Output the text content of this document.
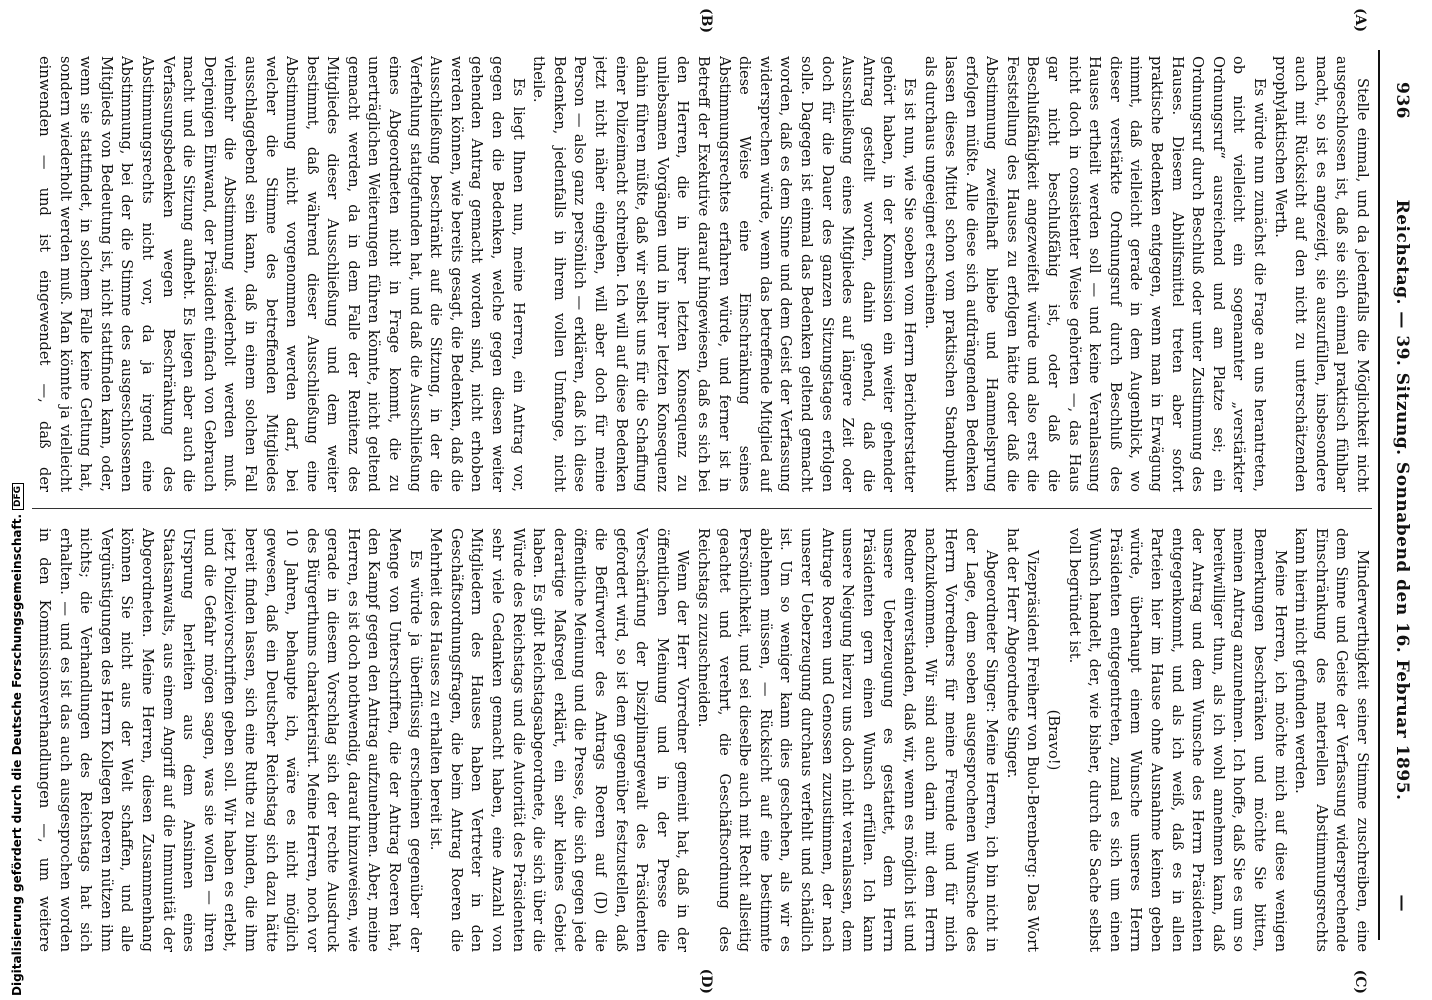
936
Reichstag. — 39. Sitzung. Sonnabend den 16. Februar 1895.
—
(A)
(B)
(C)
(D)

Stelle einmal, und da jedenfalls die Möglichkeit nicht ausgeschlossen ist, daß sie sich einmal praktisch fühlbar macht, so ist es angezeigt, sie auszufüllen, insbesondere auch mit Rücksicht auf den nicht zu unterschätzenden prophylaktischen Werth.

Es würde nun zunächst die Frage an uns herantreten, ob nicht vielleicht ein sogenannter „verstärkter Ordnungsruf“ ausreichend und am Platze sei; ein Ordnungsruf durch Beschluß oder unter Zustimmung des Hauses. Diesem Abhilfsmittel treten aber sofort praktische Bedenken entgegen, wenn man in Erwägung nimmt, daß vielleicht gerade in dem Augenblick, wo dieser verstärkte Ordnungsruf durch Beschluß des Hauses ertheilt werden soll — und keine Veranlassung nicht doch in consistenter Weise gehörten —, das Haus gar nicht beschlußfähig ist, oder daß die Beschlußfähigkeit angezweifelt würde und also erst die Feststellung des Hauses zu erfolgen hätte oder daß die Abstimmung zweifelhaft bliebe und Hammelsprung erfolgen müßte. Alle diese sich aufdrängenden Bedenken lassen dieses Mittel schon vom praktischen Standpunkt als durchaus ungeeignet erscheinen.

Es ist nun, wie Sie soeben vom Herrn Berichterstatter gehört haben, in der Kommission ein weiter gehender Antrag gestellt worden, dahin gehend, daß die Ausschließung eines Mitgliedes auf längere Zeit oder doch für die Dauer des ganzen Sitzungstages erfolgen solle. Dagegen ist einmal das Bedenken geltend gemacht worden, daß es dem Sinne und dem Geist der Verfassung widersprechen würde, wenn das betreffende Mitglied auf diese Weise eine Einschränkung seines Abstimmungsrechtes erfahren würde, und ferner ist in Betreff der Exekutive darauf hingewiesen, daß es sich bei den Herren, die in ihrer letzten Konsequenz zu unliebsamen Vorgängen und in ihrer letzten Konsequenz dahin führen müßte, daß wir selbst uns für die Schaffung einer Polizeimacht schreiben. Ich will auf diese Bedenken jetzt nicht näher eingehen, will aber doch für meine Person — also ganz persönlich — erklären, daß ich diese Bedenken, jedenfalls in ihrem vollen Umfange, nicht theile.

Es liegt Ihnen nun, meine Herren, ein Antrag vor, gegen den die Bedenken, welche gegen diesen weiter gehenden Antrag gemacht worden sind, nicht erhoben werden können, wie bereits gesagt, die Bedenken, daß die Ausschließung beschränkt auf die Sitzung, in der die Verfehlung stattgefunden hat, und daß die Ausschließung eines Abgeordneten nicht in Frage kommt, die zu unerträglichen Weiterungen führen könnte, nicht geltend gemacht werden, da in dem Falle der Renitenz des Mitgliedes dieser Ausschließung und dem weiter bestimmt, daß während dieser Ausschließung eine Abstimmung nicht vorgenommen werden darf, bei welcher die Stimme des betreffenden Mitgliedes ausschlaggebend sein kann, daß in einem solchen Fall vielmehr die Abstimmung wiederholt werden muß. Derjenigen Einwand, der Präsident einfach von Gebrauch macht und die Sitzung aufhebt. Es liegen aber auch die Verfassungsbedenken wegen Beschränkung des Abstimmungsrechts nicht vor, da ja irgend eine Abstimmung, bei der die Stimme des ausgeschlossenen Mitglieds von Bedeutung ist, nicht stattfinden kann, oder, wenn sie stattfindet, in solchem Falle keine Geltung hat, sondern wiederholt werden muß. Man könnte ja vielleicht einwenden — und ist eingewendet —, daß der

Minderwerthigkeit seiner Stimme zuschreiben, eine dem Sinne und Geiste der Verfassung widersprechende Einschränkung des materiellen Abstimmungsrechts kann hierin nicht gefunden werden.

Meine Herren, ich möchte mich auf diese wenigen Bemerkungen beschränken und möchte Sie bitten, meinen Antrag anzunehmen. Ich hoffe, daß Sie es um so bereitwilliger thun, als ich wohl annehmen kann, daß der Antrag und dem Wunsche des Herrn Präsidenten entgegenkommt, und als ich weiß, daß es in allen Parteien hier im Hause ohne Ausnahme keinen geben würde, überhaupt einem Wunsche unseres Herrn Präsidenten entgegentreten, zumal es sich um einen Wunsch handelt, der, wie bisher, durch die Sache selbst voll begründet ist.

(Bravo!)

Vizepräsident Freiherr von Buol-Berenberg: Das Wort hat der Herr Abgeordnete Singer.

Abgeordneter Singer: Meine Herren, ich bin nicht in der Lage, dem soeben ausgesprochenen Wunsche des Herrn Vorredners für meine Freunde und für mich nachzukommen. Wir sind auch darin mit dem Herrn Redner einverstanden, daß wir, wenn es möglich ist und unsere Ueberzeugung es gestattet, dem Herrn Präsidenten gern einen Wunsch erfüllen. Ich kann unsere Neigung hierzu uns doch nicht veranlassen, dem Antrage Roeren und Genossen zuzustimmen, der nach unserer Ueberzeugung durchaus verfehlt und schädlich ist. Um so weniger kann dies geschehen, als wir es ablehnen müssen, — Rücksicht auf eine bestimmte Persönlichkeit, und sei dieselbe auch mit Recht allseitig geachtet und verehrt, die Geschäftsordnung des Reichstags zuzuschneiden.

Wenn der Herr Vorredner gemeint hat, daß in der öffentlichen Meinung und in der Presse die Verschärfung der Disziplinargewalt des Präsidenten gefordert wird, so ist dem gegenüber festzustellen, daß die Befürworter des Antrags Roeren auf (D) die öffentliche Meinung und die Presse, die sich gegen jede derartige Maßregel erklärt, ein sehr kleines Gebiet haben. Es gibt Reichstagsabgeordnete, die sich über die Würde des Reichstags und die Autorität des Präsidenten sehr viele Gedanken gemacht haben, eine Anzahl von Mitgliedern des Hauses haben Vertreter in den Geschäftsordnungsfragen, die beim Antrag Roeren die Mehrheit des Hauses zu erhalten bereit ist.

Es würde ja überflüssig erscheinen gegenüber der Menge von Unterschriften, die der Antrag Roeren hat, den Kampf gegen den Antrag aufzunehmen. Aber, meine Herren, es ist doch nothwendig, darauf hinzuweisen, wie gerade in diesem Vorschlag sich der rechte Ausdruck des Bürgerthums charakterisirt. Meine Herren, noch vor 10 Jahren, behaupte ich, wäre es nicht möglich gewesen, daß ein Deutscher Reichstag sich dazu hätte bereit finden lassen, sich eine Ruthe zu binden, die ihm jetzt Polizeivorschriften geben soll. Wir haben es erlebt, und die Gefahr mögen sagen, was sie wollen — ihren Ursprung herleiten aus dem Ansinnen eines Staatsanwalts, aus einem Angriff auf die Immunität der Abgeordneten. Meine Herren, diesen Zusammenhang können Sie nicht aus der Welt schaffen, und alle Vergünstigungen des Herrn Kollegen Roeren nützen ihm nichts; die Verhandlungen des Reichstags hat sich erhalten. — und es ist das auch ausgesprochen worden in den Kommissionsverhandlungen —, um weitere

Digitalisierung gefördert durch die Deutsche Forschungsgemeinschaft.DFG
